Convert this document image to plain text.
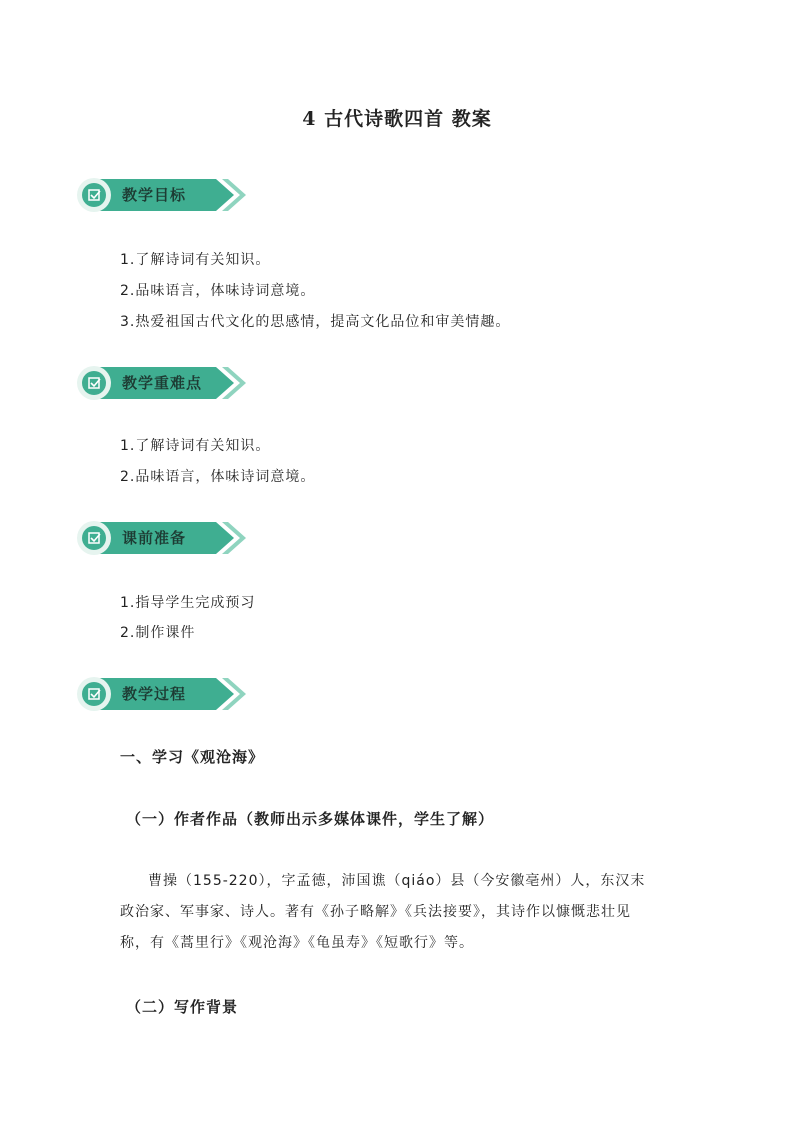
4 古代诗歌四首 教案
教学目标
1.了解诗词有关知识。
2.品味语言，体味诗词意境。
3.热爱祖国古代文化的思感情，提高文化品位和审美情趣。
教学重难点
1.了解诗词有关知识。
2.品味语言，体味诗词意境。
课前准备
1.指导学生完成预习
2.制作课件
教学过程
一、学习《观沧海》
（一）作者作品（教师出示多媒体课件，学生了解）
曹操（155-220），字孟德，沛国谯（qiáo）县（今安徽亳州）人，东汉末
政治家、军事家、诗人。著有《孙子略解》《兵法接要》，其诗作以慷慨悲壮见
称，有《蒿里行》《观沧海》《龟虽寿》《短歌行》等。
（二）写作背景
